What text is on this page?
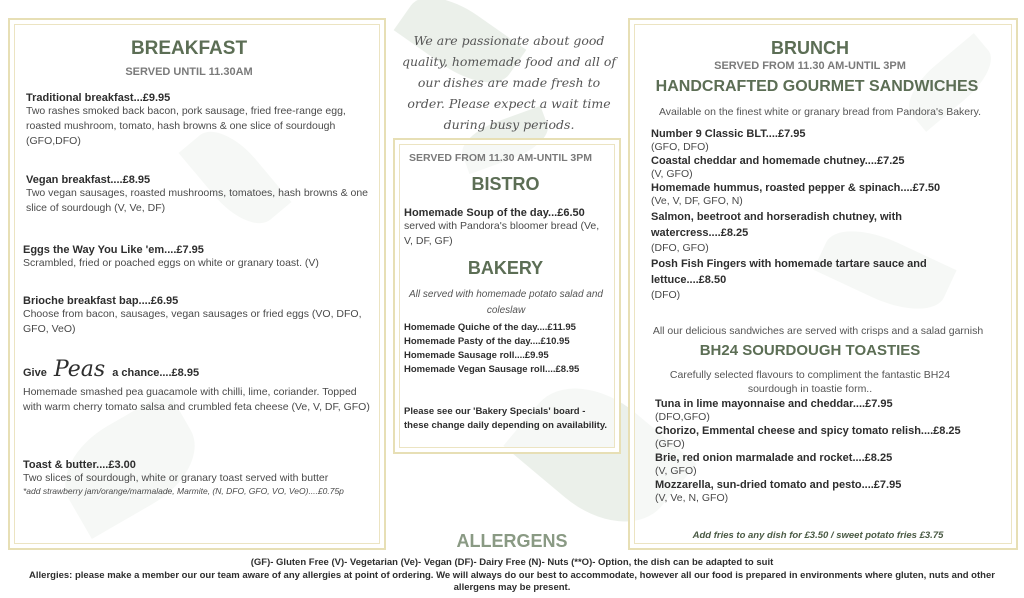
BREAKFAST
SERVED UNTIL 11.30AM
Traditional breakfast...£9.95
Two rashes smoked back bacon, pork sausage, fried free-range egg, roasted mushroom, tomato, hash browns & one slice of sourdough (GFO,DFO)
Vegan breakfast....£8.95
Two vegan sausages, roasted mushrooms, tomatoes, hash browns & one slice of sourdough (V, Ve, DF)
Eggs the Way You Like 'em....£7.95
Scrambled, fried or poached eggs on white or granary toast. (V)
Brioche breakfast bap....£6.95
Choose from bacon, sausages, vegan sausages or fried eggs (VO, DFO, GFO, VeO)
Give Peas a chance....£8.95
Homemade smashed pea guacamole with chilli, lime, coriander. Topped with warm cherry tomato salsa and crumbled feta cheese (Ve, V, DF, GFO)
Toast & butter....£3.00
Two slices of sourdough, white or granary toast served with butter
*add strawberry jam/orange/marmalade, Marmite, (N, DFO, GFO, VO, VeO)....£0.75p
We are passionate about good quality, homemade food and all of our dishes are made fresh to order. Please expect a wait time during busy periods.
SERVED FROM 11.30 AM-UNTIL 3PM
BISTRO
Homemade Soup of the day...£6.50
served with Pandora's bloomer bread (Ve, V, DF, GF)
BAKERY
All served with homemade potato salad and coleslaw
Homemade Quiche of the day....£11.95
Homemade Pasty of the day....£10.95
Homemade Sausage roll....£9.95
Homemade Vegan Sausage roll....£8.95
Please see our 'Bakery Specials' board - these change daily depending on availability.
BRUNCH
SERVED FROM 11.30 AM-UNTIL 3PM
HANDCRAFTED GOURMET SANDWICHES
Available on the finest white or granary bread from Pandora's Bakery.
Number 9 Classic BLT....£7.95
(GFO, DFO)
Coastal cheddar and homemade chutney....£7.25
(V, GFO)
Homemade hummus, roasted pepper & spinach....£7.50
(Ve, V, DF, GFO, N)
Salmon, beetroot and horseradish chutney, with watercress....£8.25
(DFO, GFO)
Posh Fish Fingers with homemade tartare sauce and lettuce....£8.50
(DFO)
All our delicious sandwiches are served with crisps and a salad garnish
BH24 SOURDOUGH TOASTIES
Carefully selected flavours to compliment the fantastic BH24 sourdough in toastie form..
Tuna in lime mayonnaise and cheddar....£7.95
(DFO,GFO)
Chorizo, Emmental cheese and spicy tomato relish....£8.25
(GFO)
Brie, red onion marmalade and rocket....£8.25
(V, GFO)
Mozzarella, sun-dried tomato and pesto....£7.95
(V, Ve, N, GFO)
Add fries to any dish for £3.50 / sweet potato fries £3.75
ALLERGENS
(GF)- Gluten Free (V)- Vegetarian (Ve)- Vegan (DF)- Dairy Free (N)- Nuts (**O)- Option, the dish can be adapted to suit
Allergies: please make a member our our team aware of any allergies at point of ordering. We will always do our best to accommodate, however all our food is prepared in environments where gluten, nuts and other allergens may be present.
